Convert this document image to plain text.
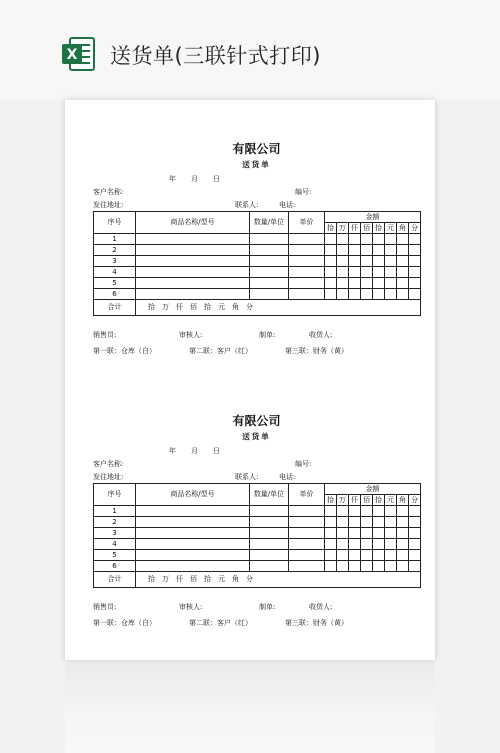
X 送货单(三联针式打印)
有限公司
送货单
年 月 日
客户名称:	编号:
发往地址:	联系人:	电话:
序号	商品名称/型号	数量/单位	单价	金额							
				拾	万	仟	佰	拾	元	角	分
1											
2											
3											
4											
5											
6											
合计	拾　万　仟　佰　拾　元　角　分										
销售员:	审核人:	制单:	收货人:
第一联：仓库（白）	第二联：客户（红）	第三联：财务（黄）
有限公司
送货单
年 月 日
客户名称:	编号:
发往地址:	联系人:	电话:
序号	商品名称/型号	数量/单位	单价	金额							
				拾	万	仟	佰	拾	元	角	分
1											
2											
3											
4											
5											
6											
合计	拾　万　仟　佰　拾　元　角　分										
销售员:	审核人:	制单:	收货人:
第一联：仓库（白）	第二联：客户（红）	第三联：财务（黄）
